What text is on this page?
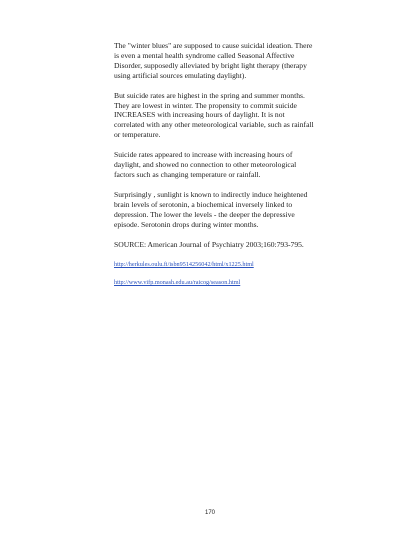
The "winter blues" are supposed to cause suicidal ideation. There is even a mental health syndrome called Seasonal Affective Disorder, supposedly alleviated by bright light therapy (therapy using artificial sources emulating daylight).

But suicide rates are highest in the spring and summer months. They are lowest in winter. The propensity to commit suicide INCREASES with increasing hours of daylight. It is not correlated with any other meteorological variable, such as rainfall or temperature.

Suicide rates appeared to increase with increasing hours of daylight, and showed no connection to other meteorological factors such as changing temperature or rainfall.

Surprisingly , sunlight is known to indirectly induce heightened brain levels of serotonin, a biochemical inversely linked to depression. The lower the levels - the deeper the depressive episode. Serotonin drops during winter months.

SOURCE: American Journal of Psychiatry 2003;160:793-795.

http://herkules.oulu.fi/isbn9514256042/html/x1225.html
http://www.vifp.monash.edu.au/raicog/season.html
170
